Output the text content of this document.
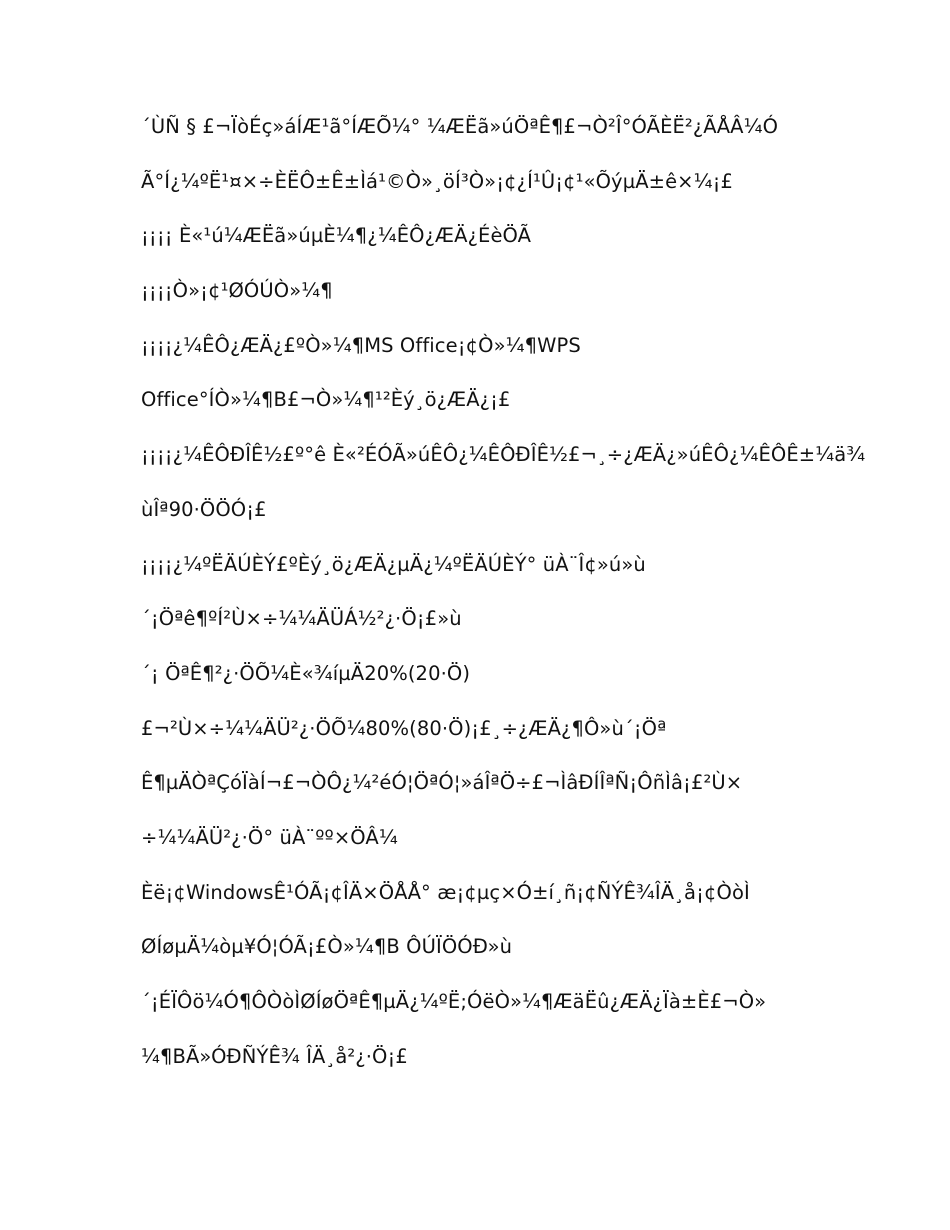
´ÙÑ § £¬ÏòÉç»áÍÆ¹ã°ÍÆÕ¼° ¼ÆËã»úÖªÊ¶£¬Ò²Î°ÓÃÈË²¿ÃÅÂ¼Ó
Ã°Í¿¼ºË¹¤×÷ÈËÔ±Ê±Ìá¹©Ò»¸öÍ³Ò»¡¢¿Í¹Û¡¢¹«ÕýµÄ±ê×¼¡£
¡¡¡¡ È«¹ú¼ÆËã»úµÈ¼¶¿¼ÊÔ¿ÆÄ¿ÉèÖÃ
¡¡¡¡Ò»¡¢¹ØÓÚÒ»¼¶
¡¡¡¡¿¼ÊÔ¿ÆÄ¿£ºÒ»¼¶MS Office¡¢Ò»¼¶WPS
Office°ÍÒ»¼¶B£¬Ò»¼¶¹²Èý¸ö¿ÆÄ¿¡£
¡¡¡¡¿¼ÊÔÐÎÊ½£º°ê È«²ÉÓÃ»úÊÔ¿¼ÊÔÐÎÊ½£¬¸÷¿ÆÄ¿»úÊÔ¿¼ÊÔÊ±¼ä¾
ùÎª90·ÖÖÓ¡£
¡¡¡¡¿¼ºËÄÚÈÝ£ºÈý¸ö¿ÆÄ¿µÄ¿¼ºËÄÚÈÝ° üÀ¨Î¢»ú»ù
´¡Öªê¶ºÍ²Ù×÷¼¼ÄÜÁ½²¿·Ö¡£»ù
´¡ ÖªÊ¶²¿·ÖÕ¼È«¾íµÄ20%(20·Ö)
£¬²Ù×÷¼¼ÄÜ²¿·ÖÕ¼80%(80·Ö)¡£¸÷¿ÆÄ¿¶Ô»ù´¡Öª
Ê¶µÄÒªÇóÏàÍ¬£¬ÒÔ¿¼²éÓ¦ÖªÓ¦»áÎªÖ÷£¬ÌâÐÍÎªÑ¡ÔñÌâ¡£²Ù×
÷¼¼ÄÜ²¿·Ö° üÀ¨ºº×ÖÂ¼
Èë¡¢WindowsÊ¹ÓÃ¡¢ÎÄ×ÖÅÅ° æ¡¢µç×Ó±í¸ñ¡¢ÑÝÊ¾ÎÄ¸å¡¢ÒòÌ
ØÍøµÄ¼òµ¥Ó¦ÓÃ¡£Ò»¼¶B ÔÚÏÖÓÐ»ù
´¡ÉÏÔö¼Ó¶ÔÒòÌØÍøÖªÊ¶µÄ¿¼ºË;ÓëÒ»¼¶ÆäËû¿ÆÄ¿Ïà±È£¬Ò»
¼¶BÃ»ÓÐÑÝÊ¾ ÎÄ¸å²¿·Ö¡£
